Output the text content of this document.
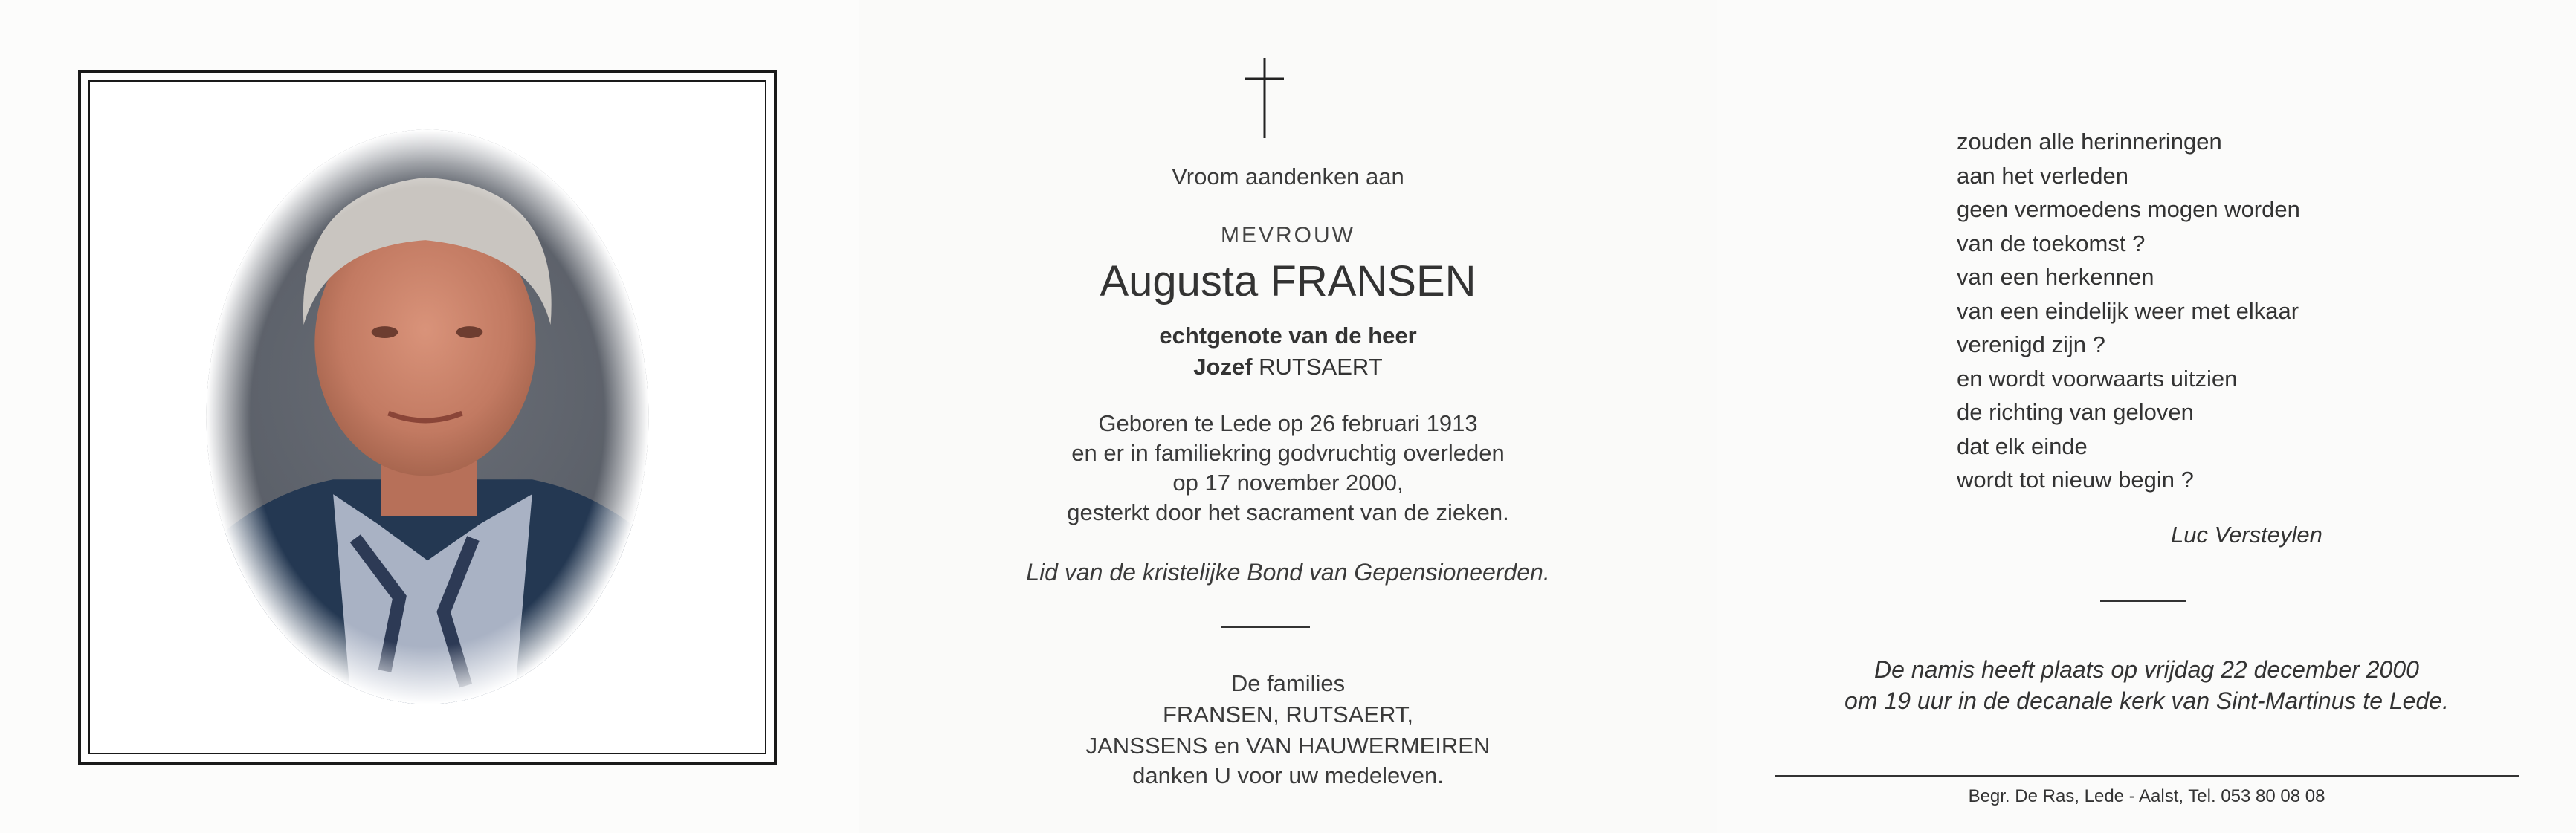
Vroom aandenken aan
MEVROUW
Augusta FRANSEN
echtgenote van de heer
Jozef RUTSAERT
Geboren te Lede op 26 februari 1913
en er in familiekring godvruchtig overleden
op 17 november 2000,
gesterkt door het sacrament van de zieken.
Lid van de kristelijke Bond van Gepensioneerden.
De families
FRANSEN, RUTSAERT,
JANSSENS en VAN HAUWERMEIREN
danken U voor uw medeleven.
zouden alle herinneringen
aan het verleden
geen vermoedens mogen worden
van de toekomst ?
van een herkennen
van een eindelijk weer met elkaar
verenigd zijn ?
en wordt voorwaarts uitzien
de richting van geloven
dat elk einde
wordt tot nieuw begin ?
Luc Versteylen
De namis heeft plaats op vrijdag 22 december 2000
om 19 uur in de decanale kerk van Sint-Martinus te Lede.
Begr. De Ras, Lede - Aalst, Tel. 053 80 08 08
